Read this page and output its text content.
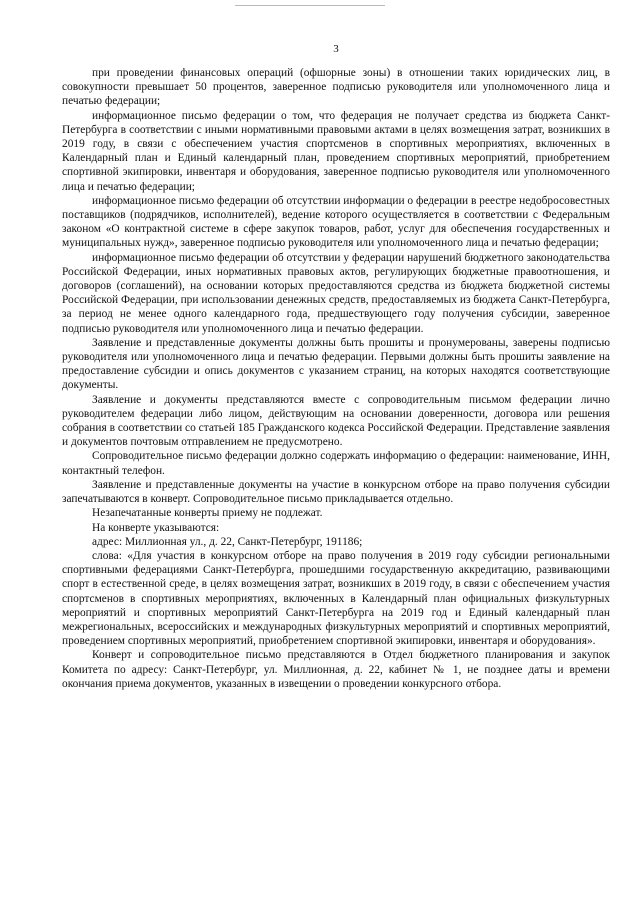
3

при проведении финансовых операций (офшорные зоны) в отношении таких юридических лиц, в совокупности превышает 50 процентов, заверенное подписью руководителя или уполномоченного лица и печатью федерации;

информационное письмо федерации о том, что федерация не получает средства из бюджета Санкт-Петербурга в соответствии с иными нормативными правовыми актами в целях возмещения затрат, возникших в 2019 году, в связи с обеспечением участия спортсменов в спортивных мероприятиях, включенных в Календарный план и Единый календарный план, проведением спортивных мероприятий, приобретением спортивной экипировки, инвентаря и оборудования, заверенное подписью руководителя или уполномоченного лица и печатью федерации;

информационное письмо федерации об отсутствии информации о федерации в реестре недобросовестных поставщиков (подрядчиков, исполнителей), ведение которого осуществляется в соответствии с Федеральным законом «О контрактной системе в сфере закупок товаров, работ, услуг для обеспечения государственных и муниципальных нужд», заверенное подписью руководителя или уполномоченного лица и печатью федерации;

информационное письмо федерации об отсутствии у федерации нарушений бюджетного законодательства Российской Федерации, иных нормативных правовых актов, регулирующих бюджетные правоотношения, и договоров (соглашений), на основании которых предоставляются средства из бюджета бюджетной системы Российской Федерации, при использовании денежных средств, предоставляемых из бюджета Санкт-Петербурга, за период не менее одного календарного года, предшествующего году получения субсидии, заверенное подписью руководителя или уполномоченного лица и печатью федерации.

Заявление и представленные документы должны быть прошиты и пронумерованы, заверены подписью руководителя или уполномоченного лица и печатью федерации. Первыми должны быть прошиты заявление на предоставление субсидии и опись документов с указанием страниц, на которых находятся соответствующие документы.

Заявление и документы представляются вместе с сопроводительным письмом федерации лично руководителем федерации либо лицом, действующим на основании доверенности, договора или решения собрания в соответствии со статьей 185 Гражданского кодекса Российской Федерации. Представление заявления и документов почтовым отправлением не предусмотрено.

Сопроводительное письмо федерации должно содержать информацию о федерации: наименование, ИНН, контактный телефон.

Заявление и представленные документы на участие в конкурсном отборе на право получения субсидии запечатываются в конверт. Сопроводительное письмо прикладывается отдельно.

Незапечатанные конверты приему не подлежат.

На конверте указываются:

адрес: Миллионная ул., д. 22, Санкт-Петербург, 191186;

слова: «Для участия в конкурсном отборе на право получения в 2019 году субсидии региональными спортивными федерациями Санкт-Петербурга, прошедшими государственную аккредитацию, развивающими спорт в естественной среде, в целях возмещения затрат, возникших в 2019 году, в связи с обеспечением участия спортсменов в спортивных мероприятиях, включенных в Календарный план официальных физкультурных мероприятий и спортивных мероприятий Санкт-Петербурга на 2019 год и Единый календарный план межрегиональных, всероссийских и международных физкультурных мероприятий и спортивных мероприятий, проведением спортивных мероприятий, приобретением спортивной экипировки, инвентаря и оборудования».

Конверт и сопроводительное письмо представляются в Отдел бюджетного планирования и закупок Комитета по адресу: Санкт-Петербург, ул. Миллионная, д. 22, кабинет № 1, не позднее даты и времени окончания приема документов, указанных в извещении о проведении конкурсного отбора.
